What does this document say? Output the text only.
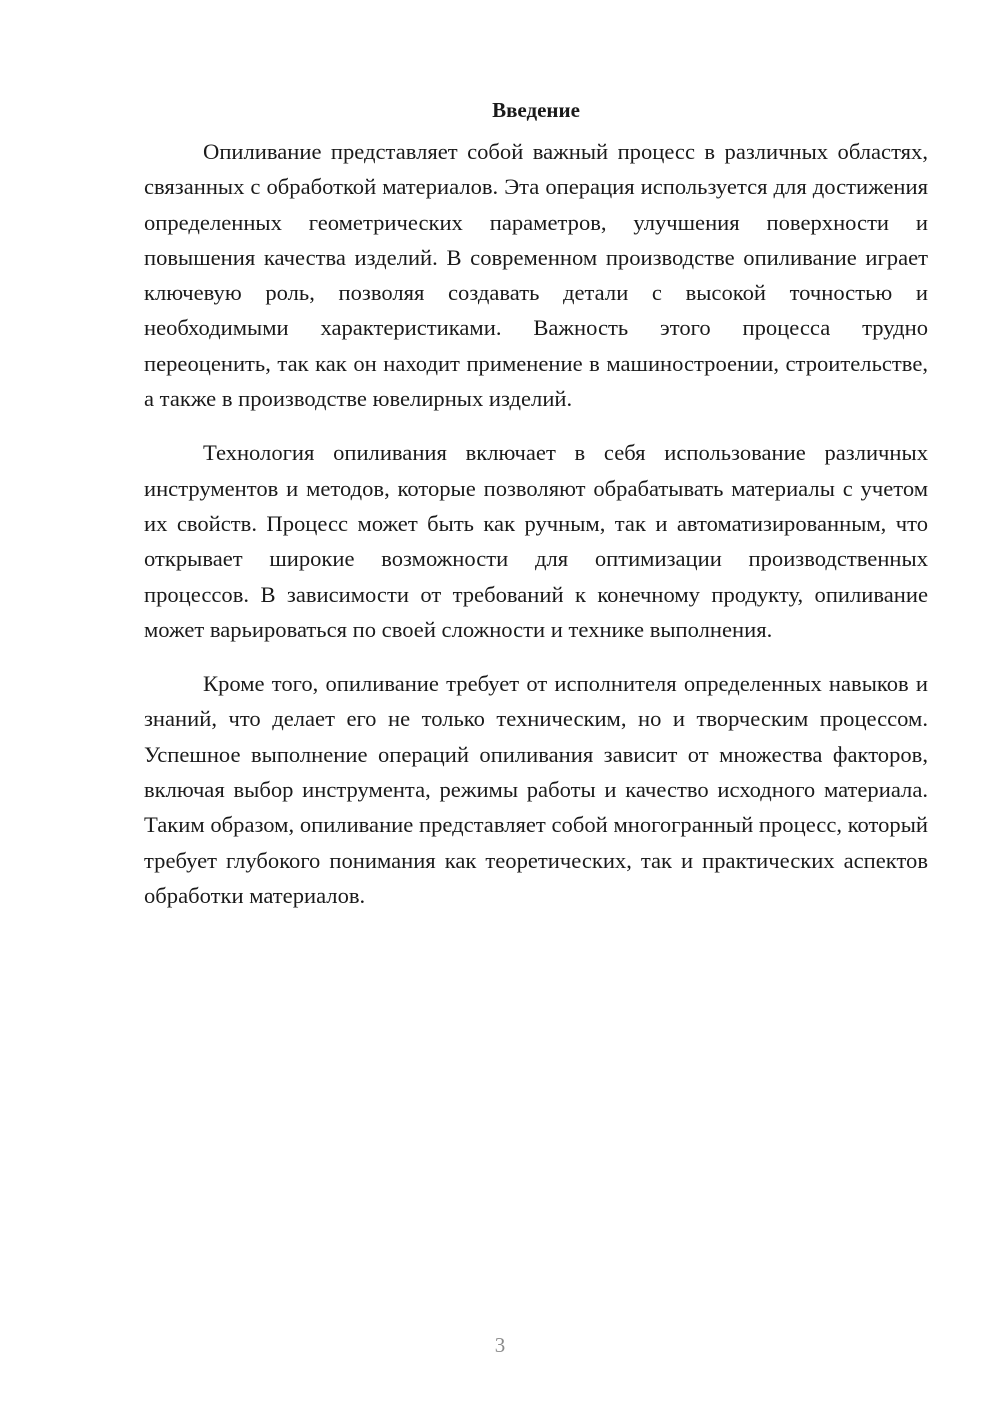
Введение

Опиливание представляет собой важный процесс в различных областях, связанных с обработкой материалов. Эта операция используется для достижения определенных геометрических параметров, улучшения поверхности и повышения качества изделий. В современном производстве опиливание играет ключевую роль, позволяя создавать детали с высокой точностью и необходимыми характеристиками. Важность этого процесса трудно переоценить, так как он находит применение в машиностроении, строительстве, а также в производстве ювелирных изделий.

Технология опиливания включает в себя использование различных инструментов и методов, которые позволяют обрабатывать материалы с учетом их свойств. Процесс может быть как ручным, так и автоматизированным, что открывает широкие возможности для оптимизации производственных процессов. В зависимости от требований к конечному продукту, опиливание может варьироваться по своей сложности и технике выполнения.

Кроме того, опиливание требует от исполнителя определенных навыков и знаний, что делает его не только техническим, но и творческим процессом. Успешное выполнение операций опиливания зависит от множества факторов, включая выбор инструмента, режимы работы и качество исходного материала. Таким образом, опиливание представляет собой многогранный процесс, который требует глубокого понимания как теоретических, так и практических аспектов обработки материалов.

3
